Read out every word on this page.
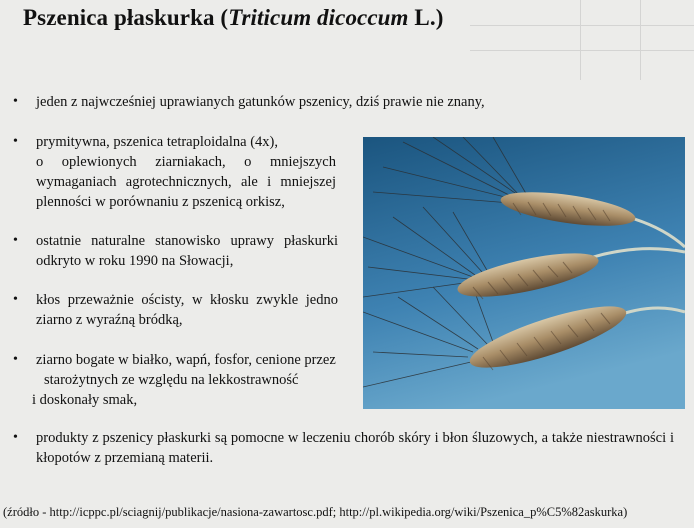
Pszenica płaskurka (Triticum dicoccum L.)
• jeden z najwcześniej uprawianych gatunków pszenicy, dziś prawie nie znany,
• prymitywna, pszenica tetraploidalna (4x),
o oplewionych ziarniakach, o mniejszych wymaganiach agrotechnicznych, ale i mniejszej plenności w porównaniu z pszenicą orkisz,
• ostatnie naturalne stanowisko uprawy płaskurki odkryto w roku 1990 na Słowacji,
• kłos przeważnie ościsty, w kłosku zwykle jedno ziarno z wyraźną bródką,
• ziarno bogate w białko, wapń, fosfor, cenione przez
starożytnych ze względu na lekkostrawność
i doskonały smak,
• produkty z pszenicy płaskurki są pomocne w leczeniu chorób skóry i błon śluzowych, a także niestrawności i kłopotów z przemianą materii.
(źródło - http://icppc.pl/sciagnij/publikacje/nasiona-zawartosc.pdf; http://pl.wikipedia.org/wiki/Pszenica_p%C5%82askurka)
